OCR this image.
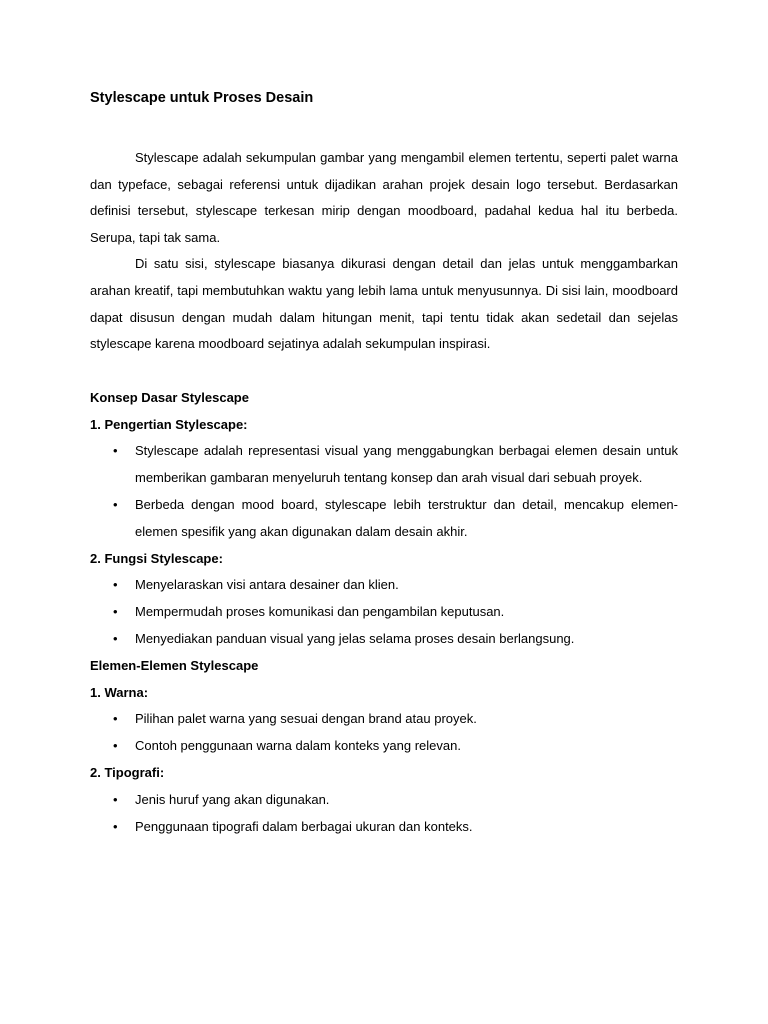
Stylescape untuk Proses Desain

Stylescape adalah sekumpulan gambar yang mengambil elemen tertentu, seperti palet warna dan typeface, sebagai referensi untuk dijadikan arahan projek desain logo tersebut. Berdasarkan definisi tersebut, stylescape terkesan mirip dengan moodboard, padahal kedua hal itu berbeda. Serupa, tapi tak sama.

Di satu sisi, stylescape biasanya dikurasi dengan detail dan jelas untuk menggambarkan arahan kreatif, tapi membutuhkan waktu yang lebih lama untuk menyusunnya. Di sisi lain, moodboard dapat disusun dengan mudah dalam hitungan menit, tapi tentu tidak akan sedetail dan sejelas stylescape karena moodboard sejatinya adalah sekumpulan inspirasi.

Konsep Dasar Stylescape
1. Pengertian Stylescape:
• Stylescape adalah representasi visual yang menggabungkan berbagai elemen desain untuk memberikan gambaran menyeluruh tentang konsep dan arah visual dari sebuah proyek.
• Berbeda dengan mood board, stylescape lebih terstruktur dan detail, mencakup elemen-elemen spesifik yang akan digunakan dalam desain akhir.
2. Fungsi Stylescape:
• Menyelaraskan visi antara desainer dan klien.
• Mempermudah proses komunikasi dan pengambilan keputusan.
• Menyediakan panduan visual yang jelas selama proses desain berlangsung.
Elemen-Elemen Stylescape
1. Warna:
• Pilihan palet warna yang sesuai dengan brand atau proyek.
• Contoh penggunaan warna dalam konteks yang relevan.
2. Tipografi:
• Jenis huruf yang akan digunakan.
• Penggunaan tipografi dalam berbagai ukuran dan konteks.
